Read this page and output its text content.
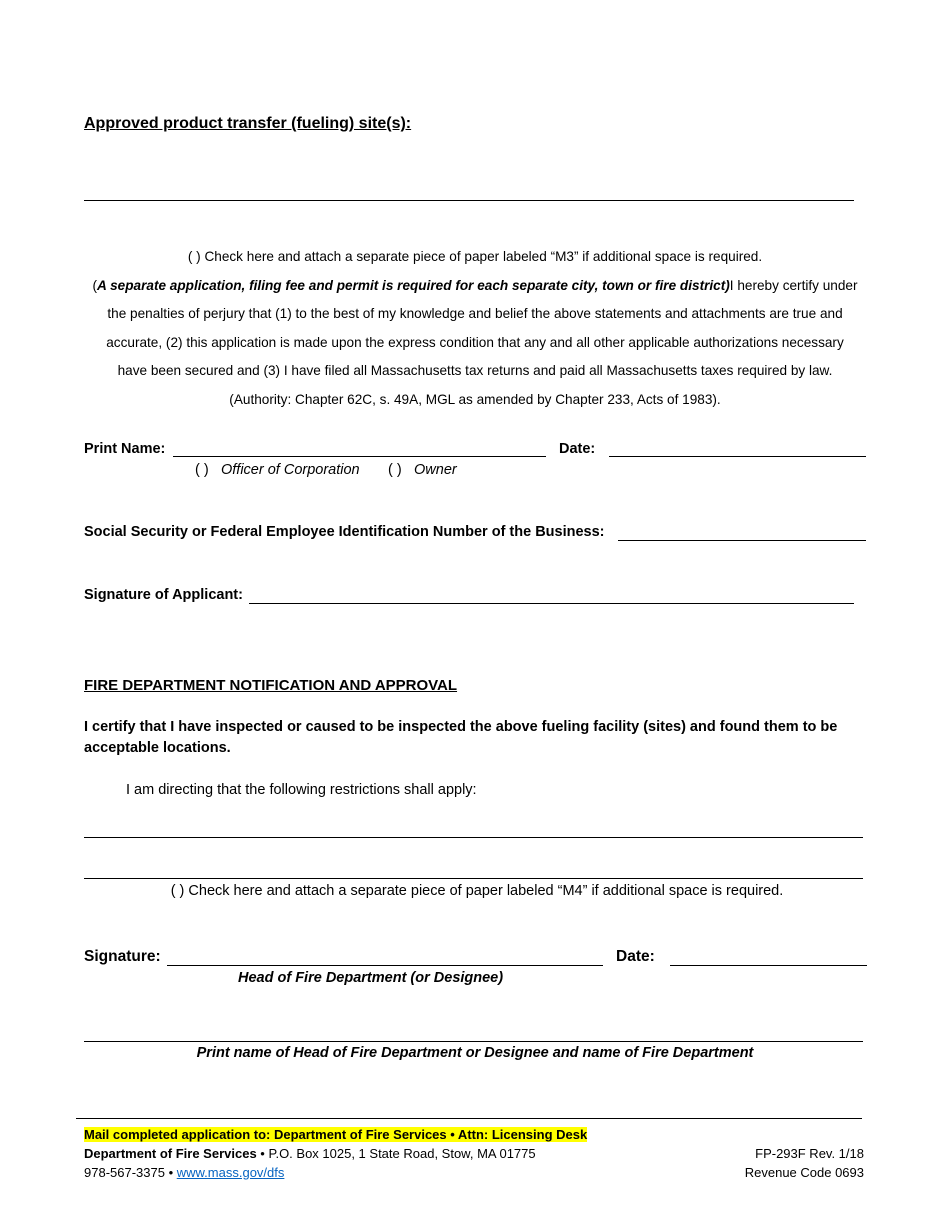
Approved product transfer (fueling) site(s):
( ) Check here and attach a separate piece of paper labeled “M3” if additional space is required.
(A separate application, filing fee and permit is required for each separate city, town or fire district)I hereby certify under
the penalties of perjury that (1) to the best of my knowledge and belief the above statements and attachments are true and
accurate, (2) this application is made upon the express condition that any and all other applicable authorizations necessary
have been secured and (3) I have filed all Massachusetts tax returns and paid all Massachusetts taxes required by law.
(Authority: Chapter 62C, s. 49A, MGL as amended by Chapter 233, Acts of 1983).
Print Name:	Date:
( ) Officer of Corporation ( ) Owner
Social Security or Federal Employee Identification Number of the Business:
Signature of Applicant:
FIRE DEPARTMENT NOTIFICATION AND APPROVAL
I certify that I have inspected or caused to be inspected the above fueling facility (sites) and found them to be
acceptable locations.
I am directing that the following restrictions shall apply:
( ) Check here and attach a separate piece of paper labeled “M4” if additional space is required.
Signature:	Date:
Head of Fire Department (or Designee)
Print name of Head of Fire Department or Designee and name of Fire Department
Mail completed application to: Department of Fire Services • Attn: Licensing Desk
Department of Fire Services • P.O. Box 1025, 1 State Road, Stow, MA 01775
978-567-3375 • www.mass.gov/dfs
FP-293F Rev. 1/18
Revenue Code 0693
